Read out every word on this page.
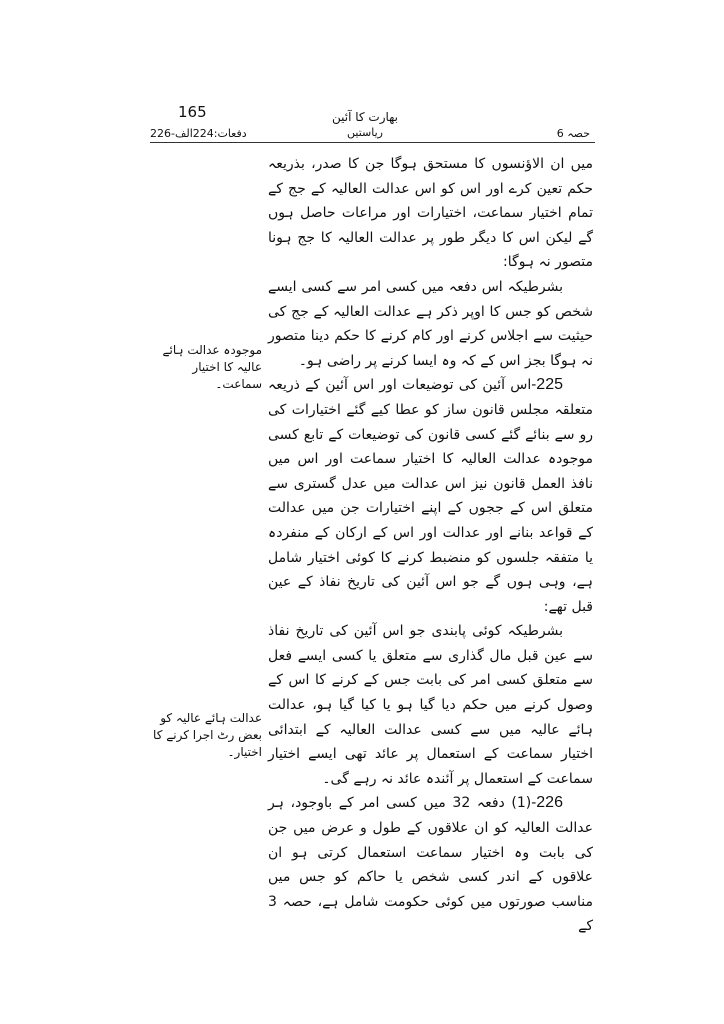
165	بھارت کا آئین
ریاستیں
دفعات:224الف-226	حصہ 6

میں ان الاؤنسوں کا مستحق ہوگا جن کا صدر، بذریعہ حکم تعین کرے اور اس کو اس عدالت العالیہ کے جج کے تمام اختیار سماعت، اختیارات اور مراعات حاصل ہوں گے لیکن اس کا دیگر طور پر عدالت العالیہ کا جج ہونا متصور نہ ہوگا:

بشرطیکہ اس دفعہ میں کسی امر سے کسی ایسے شخص کو جس کا اوپر ذکر ہے عدالت العالیہ کے جج کی حیثیت سے اجلاس کرنے اور کام کرنے کا حکم دینا متصور نہ ہوگا بجز اس کے کہ وہ ایسا کرنے پر راضی ہو۔

225-اس آئین کی توضیعات اور اس آئین کے ذریعہ متعلقہ مجلس قانون ساز کو عطا کیے گئے اختیارات کی رو سے بنائے گئے کسی قانون کی توضیعات کے تابع کسی موجودہ عدالت العالیہ کا اختیار سماعت اور اس میں نافذ العمل قانون نیز اس عدالت میں عدل گستری سے متعلق اس کے ججوں کے اپنے اختیارات جن میں عدالت کے قواعد بنانے اور عدالت اور اس کے ارکان کے منفردہ یا متفقہ جلسوں کو منضبط کرنے کا کوئی اختیار شامل ہے، وہی ہوں گے جو اس آئین کی تاریخ نفاذ کے عین قبل تھے:

بشرطیکہ کوئی پابندی جو اس آئین کی تاریخ نفاذ سے عین قبل مال گذاری سے متعلق یا کسی ایسے فعل سے متعلق کسی امر کی بابت جس کے کرنے کا اس کے وصول کرنے میں حکم دیا گیا ہو یا کیا گیا ہو، عدالت ہائے عالیہ میں سے کسی عدالت العالیہ کے ابتدائی اختیار سماعت کے استعمال پر عائد تھی ایسے اختیار سماعت کے استعمال پر آئندہ عائد نہ رہے گی۔

226-(1) دفعہ 32 میں کسی امر کے باوجود، ہر عدالت العالیہ کو ان علاقوں کے طول و عرض میں جن کی بابت وہ اختیار سماعت استعمال کرتی ہو ان علاقوں کے اندر کسی شخص یا حاکم کو جس میں مناسب صورتوں میں کوئی حکومت شامل ہے، حصہ 3 کے

موجودہ عدالت ہائے عالیہ کا اختیار سماعت۔
عدالت ہائے عالیہ کو بعض رٹ اجرا کرنے کا اختیار۔
